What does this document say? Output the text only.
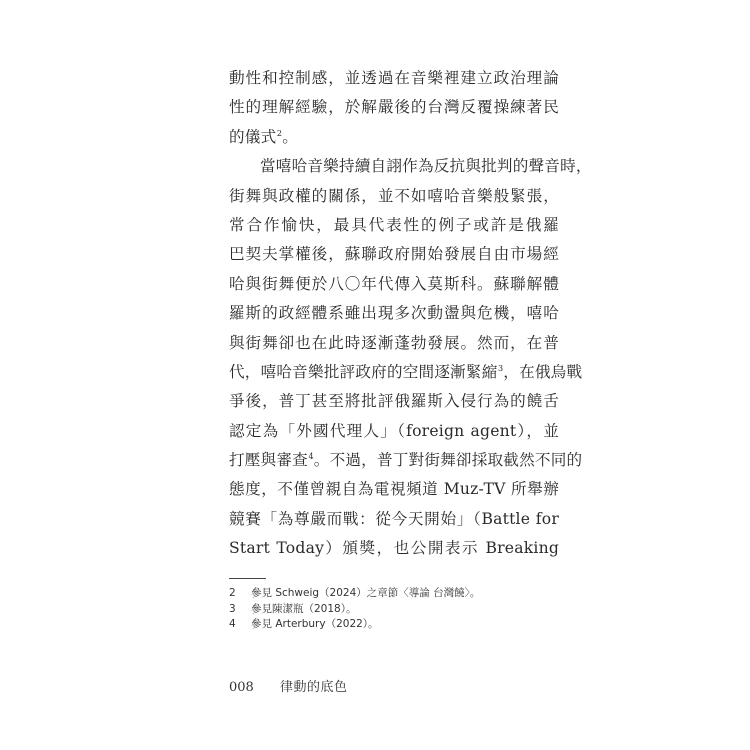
動性和控制感，並透過在音樂裡建立政治理論
性的理解經驗，於解嚴後的台灣反覆操練著民
的儀式$^2$。
當嘻哈音樂持續自詡作為反抗與批判的聲音時，
街舞與政權的關係，並不如嘻哈音樂般緊張，
常合作愉快，最具代表性的例子或許是俄羅
巴契夫掌權後，蘇聯政府開始發展自由市場經
哈與街舞便於八〇年代傳入莫斯科。蘇聯解體
羅斯的政經體系雖出現多次動盪與危機，嘻哈
與街舞卻也在此時逐漸蓬勃發展。然而，在普
代，嘻哈音樂批評政府的空間逐漸緊縮$^3$，在俄烏戰
爭後，普丁甚至將批評俄羅斯入侵行為的饒舌
認定為「外國代理人」（foreign agent），並
打壓與審查$^4$。不過，普丁對街舞卻採取截然不同的
態度，不僅曾親自為電視頻道 Muz-TV 所舉辦
競賽「為尊嚴而戰：從今天開始」（Battle for
Start Today）頒獎，也公開表示 Breaking
2	參見 Schweig（2024）之章節〈導論 台灣饒〉。
3	參見陳潔瓶（2018）。
4	參見 Arterbury（2022）。
008 律動的底色
